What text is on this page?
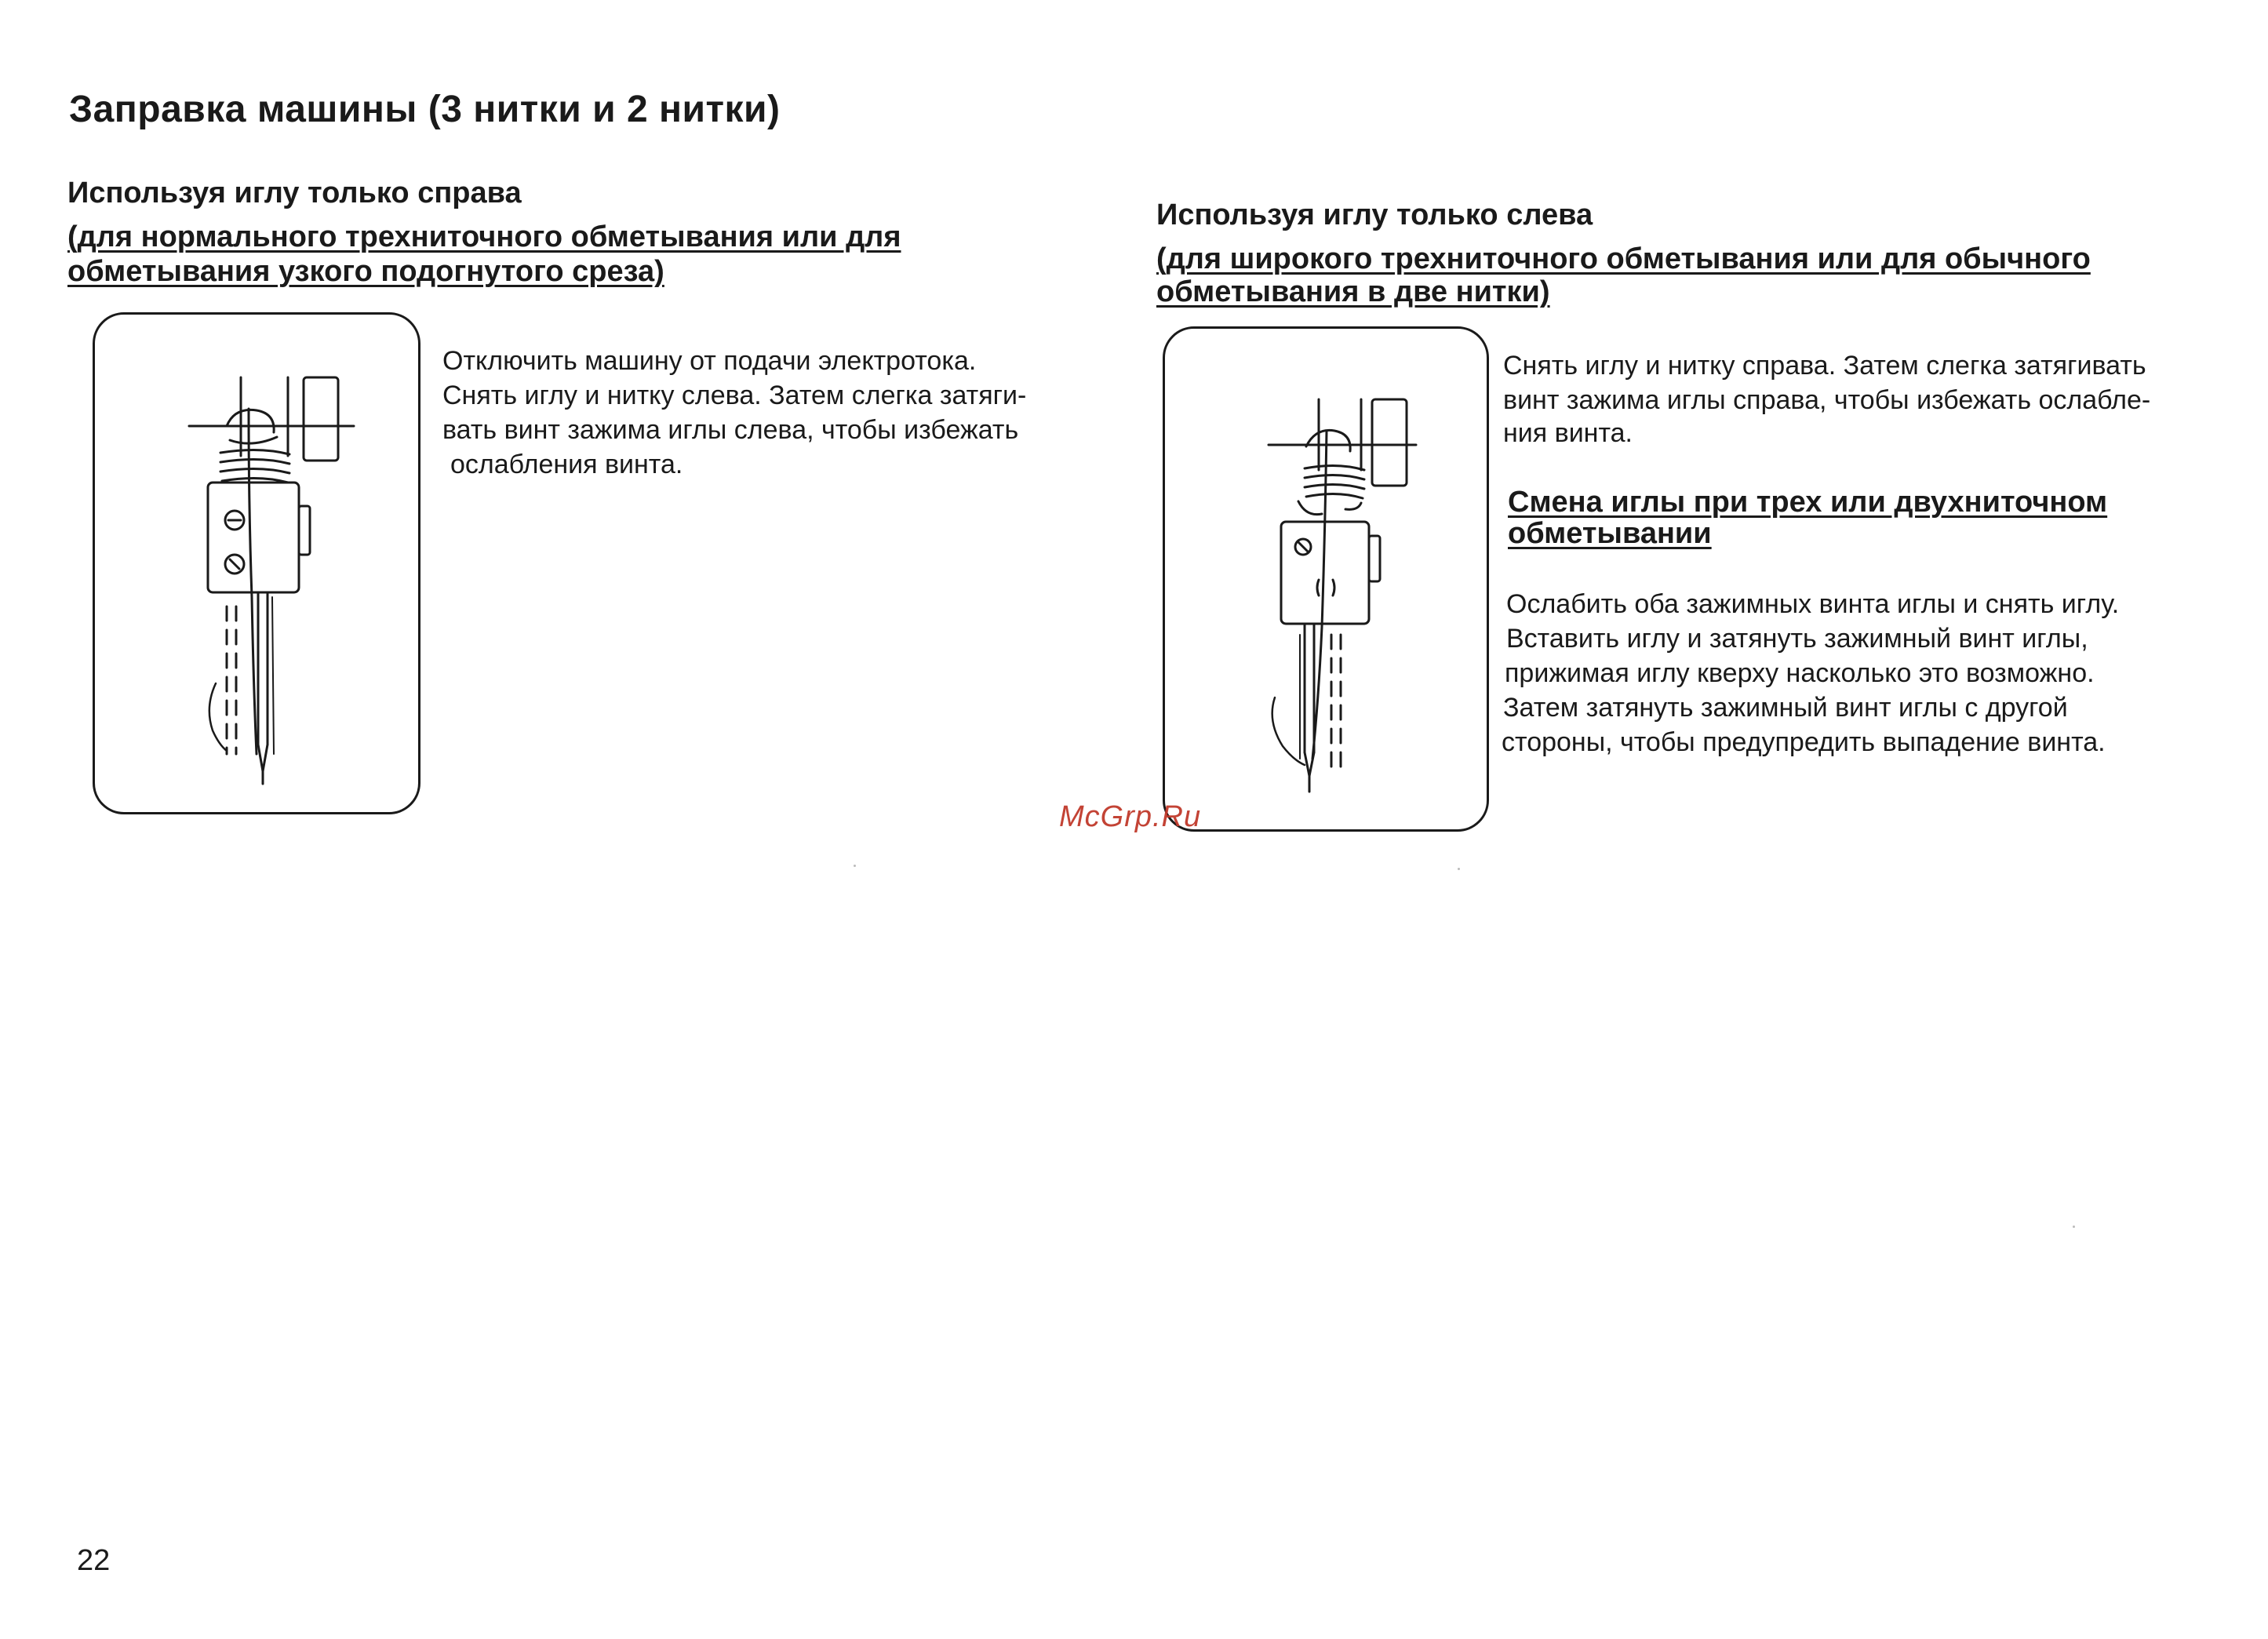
Заправка машины (3 нитки и 2 нитки)
Используя иглу только справа
(для нормального трехниточного обметывания или для
обметывания узкого подогнутого среза)
Отключить машину от подачи электротока.
Снять иглу и нитку слева. Затем слегка затяги-
вать винт зажима иглы слева, чтобы избежать
ослабления винта.
Используя иглу только слева
(для широкого трехниточного обметывания или для обычного
обметывания в две нитки)
Снять иглу и нитку справа. Затем слегка затягивать
винт зажима иглы справа, чтобы избежать ослабле-
ния винта.
Смена иглы при трех или двухниточном
обметывании
Ослабить оба зажимных винта иглы и снять иглу.
Вставить иглу и затянуть зажимный винт иглы,
прижимая иглу кверху насколько это возможно.
Затем затянуть зажимный винт иглы с другой
стороны, чтобы предупредить выпадение винта.
McGrp.Ru
22
